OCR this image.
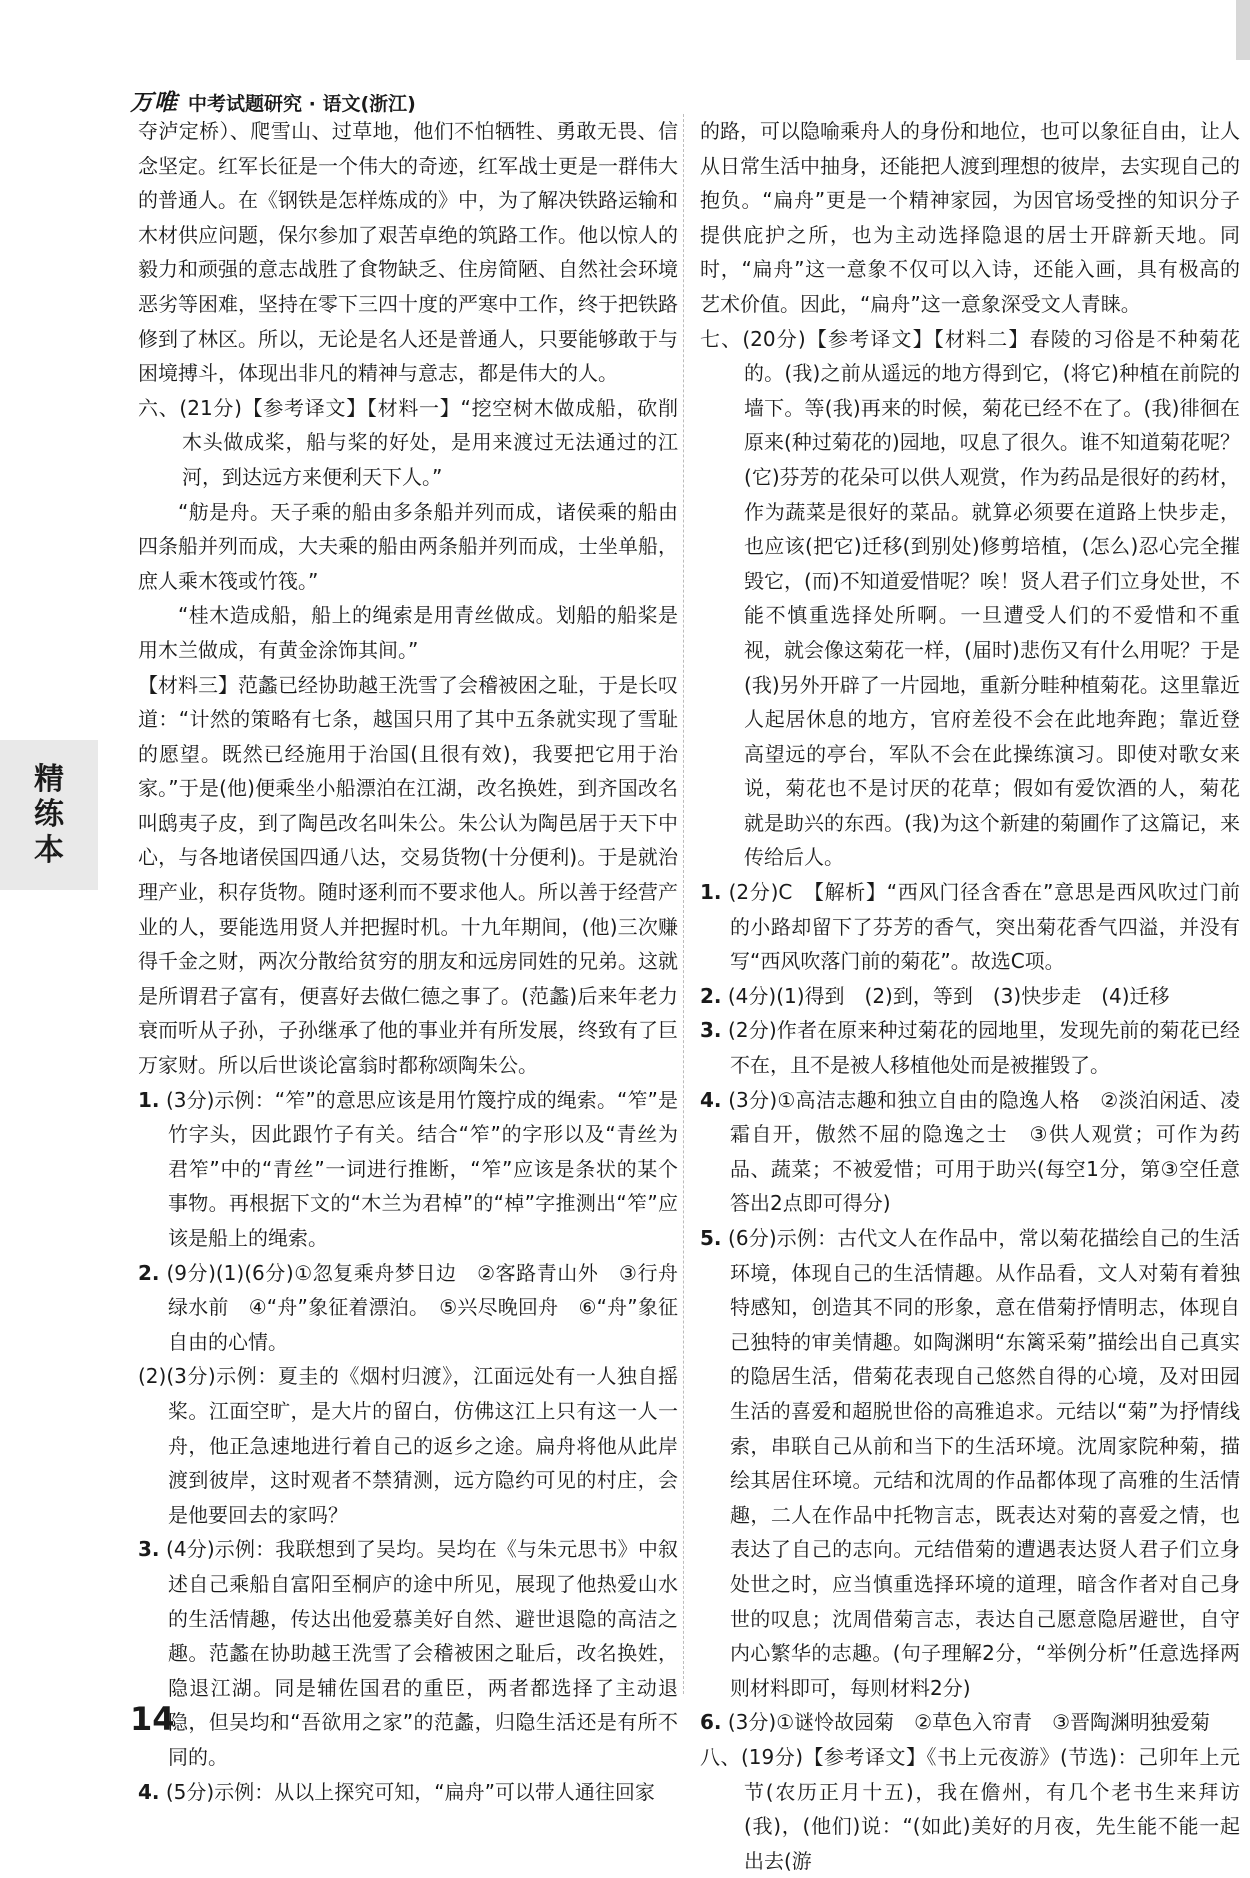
万唯 中考试题研究 · 语文(浙江)
精
练
本

夺泸定桥）、爬雪山、过草地，他们不怕牺牲、勇敢无畏、信念坚定。红军长征是一个伟大的奇迹，红军战士更是一群伟大的普通人。在《钢铁是怎样炼成的》中，为了解决铁路运输和木材供应问题，保尔参加了艰苦卓绝的筑路工作。他以惊人的毅力和顽强的意志战胜了食物缺乏、住房简陋、自然社会环境恶劣等困难，坚持在零下三四十度的严寒中工作，终于把铁路修到了林区。所以，无论是名人还是普通人，只要能够敢于与困境搏斗，体现出非凡的精神与意志，都是伟大的人。

六、(21分)【参考译文】【材料一】“挖空树木做成船，砍削木头做成桨，船与桨的好处，是用来渡过无法通过的江河，到达远方来便利天下人。”

“舫是舟。天子乘的船由多条船并列而成，诸侯乘的船由四条船并列而成，大夫乘的船由两条船并列而成，士坐单船，庶人乘木筏或竹筏。”

“桂木造成船，船上的绳索是用青丝做成。划船的船桨是用木兰做成，有黄金涂饰其间。”

【材料三】范蠡已经协助越王洗雪了会稽被困之耻，于是长叹道：“计然的策略有七条，越国只用了其中五条就实现了雪耻的愿望。既然已经施用于治国(且很有效)，我要把它用于治家。”于是(他)便乘坐小船漂泊在江湖，改名换姓，到齐国改名叫鸱夷子皮，到了陶邑改名叫朱公。朱公认为陶邑居于天下中心，与各地诸侯国四通八达，交易货物(十分便利)。于是就治理产业，积存货物。随时逐利而不要求他人。所以善于经营产业的人，要能选用贤人并把握时机。十九年期间，(他)三次赚得千金之财，两次分散给贫穷的朋友和远房同姓的兄弟。这就是所谓君子富有，便喜好去做仁德之事了。(范蠡)后来年老力衰而听从子孙，子孙继承了他的事业并有所发展，终致有了巨万家财。所以后世谈论富翁时都称颂陶朱公。

1. (3分)示例：“笮”的意思应该是用竹篾拧成的绳索。“笮”是竹字头，因此跟竹子有关。结合“笮”的字形以及“青丝为君笮”中的“青丝”一词进行推断，“笮”应该是条状的某个事物。再根据下文的“木兰为君棹”的“棹”字推测出“笮”应该是船上的绳索。

2. (9分)(1)(6分)①忽复乘舟梦日边　②客路青山外　③行舟绿水前　④“舟”象征着漂泊。　⑤兴尽晚回舟　⑥“舟”象征自由的心情。

(2)(3分)示例：夏圭的《烟村归渡》，江面远处有一人独自摇桨。江面空旷，是大片的留白，仿佛这江上只有这一人一舟，他正急速地进行着自己的返乡之途。扁舟将他从此岸渡到彼岸，这时观者不禁猜测，远方隐约可见的村庄，会是他要回去的家吗？

3. (4分)示例：我联想到了吴均。吴均在《与朱元思书》中叙述自己乘船自富阳至桐庐的途中所见，展现了他热爱山水的生活情趣，传达出他爱慕美好自然、避世退隐的高洁之趣。范蠡在协助越王洗雪了会稽被困之耻后，改名换姓，隐退江湖。同是辅佐国君的重臣，两者都选择了主动退隐，但吴均和“吾欲用之家”的范蠡，归隐生活还是有所不同的。

4. (5分)示例：从以上探究可知，“扁舟”可以带人通往回家

的路，可以隐喻乘舟人的身份和地位，也可以象征自由，让人从日常生活中抽身，还能把人渡到理想的彼岸，去实现自己的抱负。“扁舟”更是一个精神家园，为因官场受挫的知识分子提供庇护之所，也为主动选择隐退的居士开辟新天地。同时，“扁舟”这一意象不仅可以入诗，还能入画，具有极高的艺术价值。因此，“扁舟”这一意象深受文人青睐。

七、(20分)【参考译文】【材料二】春陵的习俗是不种菊花的。(我)之前从遥远的地方得到它，(将它)种植在前院的墙下。等(我)再来的时候，菊花已经不在了。(我)徘徊在原来(种过菊花的)园地，叹息了很久。谁不知道菊花呢？(它)芬芳的花朵可以供人观赏，作为药品是很好的药材，作为蔬菜是很好的菜品。就算必须要在道路上快步走，也应该(把它)迁移(到别处)修剪培植，(怎么)忍心完全摧毁它，(而)不知道爱惜呢？唉！贤人君子们立身处世，不能不慎重选择处所啊。一旦遭受人们的不爱惜和不重视，就会像这菊花一样，(届时)悲伤又有什么用呢？于是(我)另外开辟了一片园地，重新分畦种植菊花。这里靠近人起居休息的地方，官府差役不会在此地奔跑；靠近登高望远的亭台，军队不会在此操练演习。即使对歌女来说，菊花也不是讨厌的花草；假如有爱饮酒的人，菊花就是助兴的东西。(我)为这个新建的菊圃作了这篇记，来传给后人。

1. (2分)C　【解析】“西风门径含香在”意思是西风吹过门前的小路却留下了芬芳的香气，突出菊花香气四溢，并没有写“西风吹落门前的菊花”。故选C项。

2. (4分)(1)得到　(2)到，等到　(3)快步走　(4)迁移

3. (2分)作者在原来种过菊花的园地里，发现先前的菊花已经不在，且不是被人移植他处而是被摧毁了。

4. (3分)①高洁志趣和独立自由的隐逸人格　②淡泊闲适、凌霜自开，傲然不屈的隐逸之士　③供人观赏；可作为药品、蔬菜；不被爱惜；可用于助兴(每空1分，第③空任意答出2点即可得分)

5. (6分)示例：古代文人在作品中，常以菊花描绘自己的生活环境，体现自己的生活情趣。从作品看，文人对菊有着独特感知，创造其不同的形象，意在借菊抒情明志，体现自己独特的审美情趣。如陶渊明“东篱采菊”描绘出自己真实的隐居生活，借菊花表现自己悠然自得的心境，及对田园生活的喜爱和超脱世俗的高雅追求。元结以“菊”为抒情线索，串联自己从前和当下的生活环境。沈周家院种菊，描绘其居住环境。元结和沈周的作品都体现了高雅的生活情趣，二人在作品中托物言志，既表达对菊的喜爱之情，也表达了自己的志向。元结借菊的遭遇表达贤人君子们立身处世之时，应当慎重选择环境的道理，暗含作者对自己身世的叹息；沈周借菊言志，表达自己愿意隐居避世，自守内心繁华的志趣。(句子理解2分，“举例分析”任意选择两则材料即可，每则材料2分)

6. (3分)①谜怜故园菊　②草色入帘青　③晋陶渊明独爱菊

八、(19分)【参考译文】《书上元夜游》(节选)：己卯年上元节(农历正月十五)，我在儋州，有几个老书生来拜访(我)，(他们)说：“(如此)美好的月夜，先生能不能一起出去(游

14
